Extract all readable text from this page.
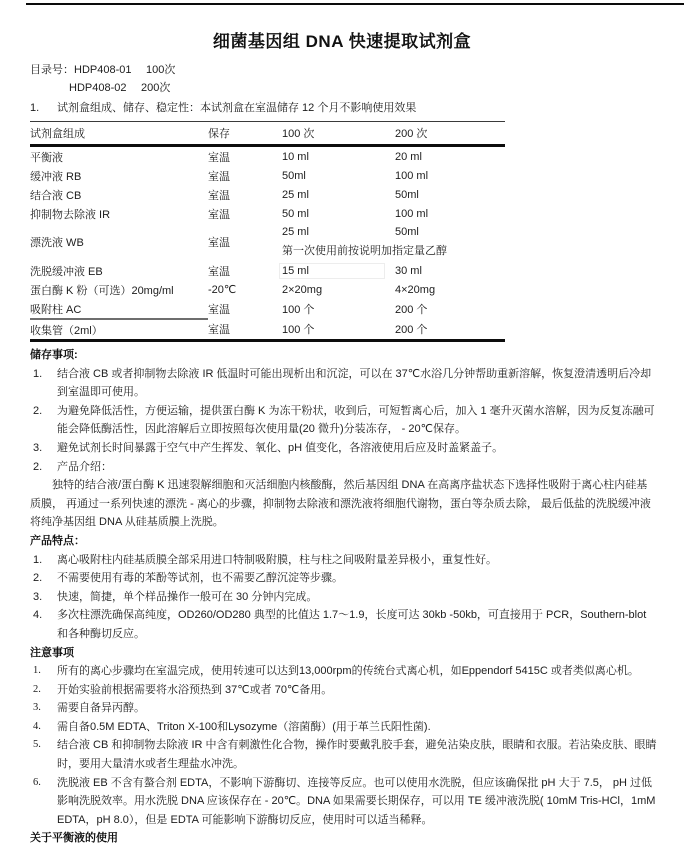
细菌基因组 DNA 快速提取试剂盒
目录号： HDP408-01	100次
HDP408-02	200次
1.	试剂盒组成、储存、稳定性：本试剂盒在室温储存 12 个月不影响使用效果
试剂盒组成	保存	100 次	200 次
平衡液	室温	10 ml	20 ml
缓冲液 RB	室温	50ml	100 ml
结合液 CB	室温	25 ml	50ml
抑制物去除液 IR	室温	50 ml	100 ml
漂洗液 WB	室温	25 ml 50ml
第一次使用前按说明加指定量乙醇	

洗脱缓冲液 EB	室温	15 ml	30 ml
蛋白酶 K 粉（可选）20mg/ml	-20℃	2×20mg	4×20mg
吸附柱 AC	室温	100 个	200 个
收集管（2ml）	室温	100 个	200 个
储存事项:
1.	结合液 CB 或者抑制物去除液 IR 低温时可能出现析出和沉淀，可以在 37℃水浴几分钟帮助重新溶解，恢复澄清透明后冷却到室温即可使用。
2.	为避免降低活性，方便运输，提供蛋白酶 K 为冻干粉状，收到后，可短暂离心后，加入 1 毫升灭菌水溶解，因为反复冻融可能会降低酶活性，因此溶解后立即按照每次使用量(20 微升)分装冻存， - 20℃保存。
3.	避免试剂长时间暴露于空气中产生挥发、氧化、pH 值变化，各溶液使用后应及时盖紧盖子。
2.	产品介绍：

独特的结合液/蛋白酶 K 迅速裂解细胞和灭活细胞内核酸酶，然后基因组 DNA 在高离序盐状态下选择性吸附于离心柱内硅基质膜， 再通过一系列快速的漂洗 - 离心的步骤，抑制物去除液和漂洗液将细胞代谢物，蛋白等杂质去除， 最后低盐的洗脱缓冲液将纯净基因组 DNA 从硅基质膜上洗脱。

产品特点：
1.	离心吸附柱内硅基质膜全部采用进口特制吸附膜，柱与柱之间吸附量差异极小，重复性好。
2.	不需要使用有毒的苯酚等试剂，也不需要乙醇沉淀等步骤。
3.	快速，简捷，单个样品操作一般可在 30 分钟内完成。
4.	多次柱漂洗确保高纯度，OD260/OD280 典型的比值达 1.7～1.9，长度可达 30kb -50kb，可直接用于 PCR，Southern-blot 和各种酶切反应。
注意事项
1.	所有的离心步骤均在室温完成，使用转速可以达到13,000rpm的传统台式离心机，如Eppendorf 5415C 或者类似离心机。
2.	开始实验前根据需要将水浴预热到 37℃或者 70℃备用。
3.	需要自备异丙醇。
4.	需自备0.5M EDTA、Triton X-100和Lysozyme（溶菌酶）(用于革兰氏阳性菌).
5.	结合液 CB 和抑制物去除液 IR 中含有刺激性化合物，操作时要戴乳胶手套，避免沾染皮肤，眼睛和衣服。若沾染皮肤、眼睛时，要用大量清水或者生理盐水冲洗。
6.	洗脱液 EB 不含有螯合剂 EDTA，不影响下游酶切、连接等反应。也可以使用水洗脱，但应该确保批 pH 大于 7.5， pH 过低影响洗脱效率。用水洗脱 DNA 应该保存在 - 20℃。DNA 如果需要长期保存，可以用 TE 缓冲液洗脱( 10mM Tris-HCl，1mM EDTA，pH 8.0），但是 EDTA 可能影响下游酶切反应，使用时可以适当稀释。
关于平衡液的使用
